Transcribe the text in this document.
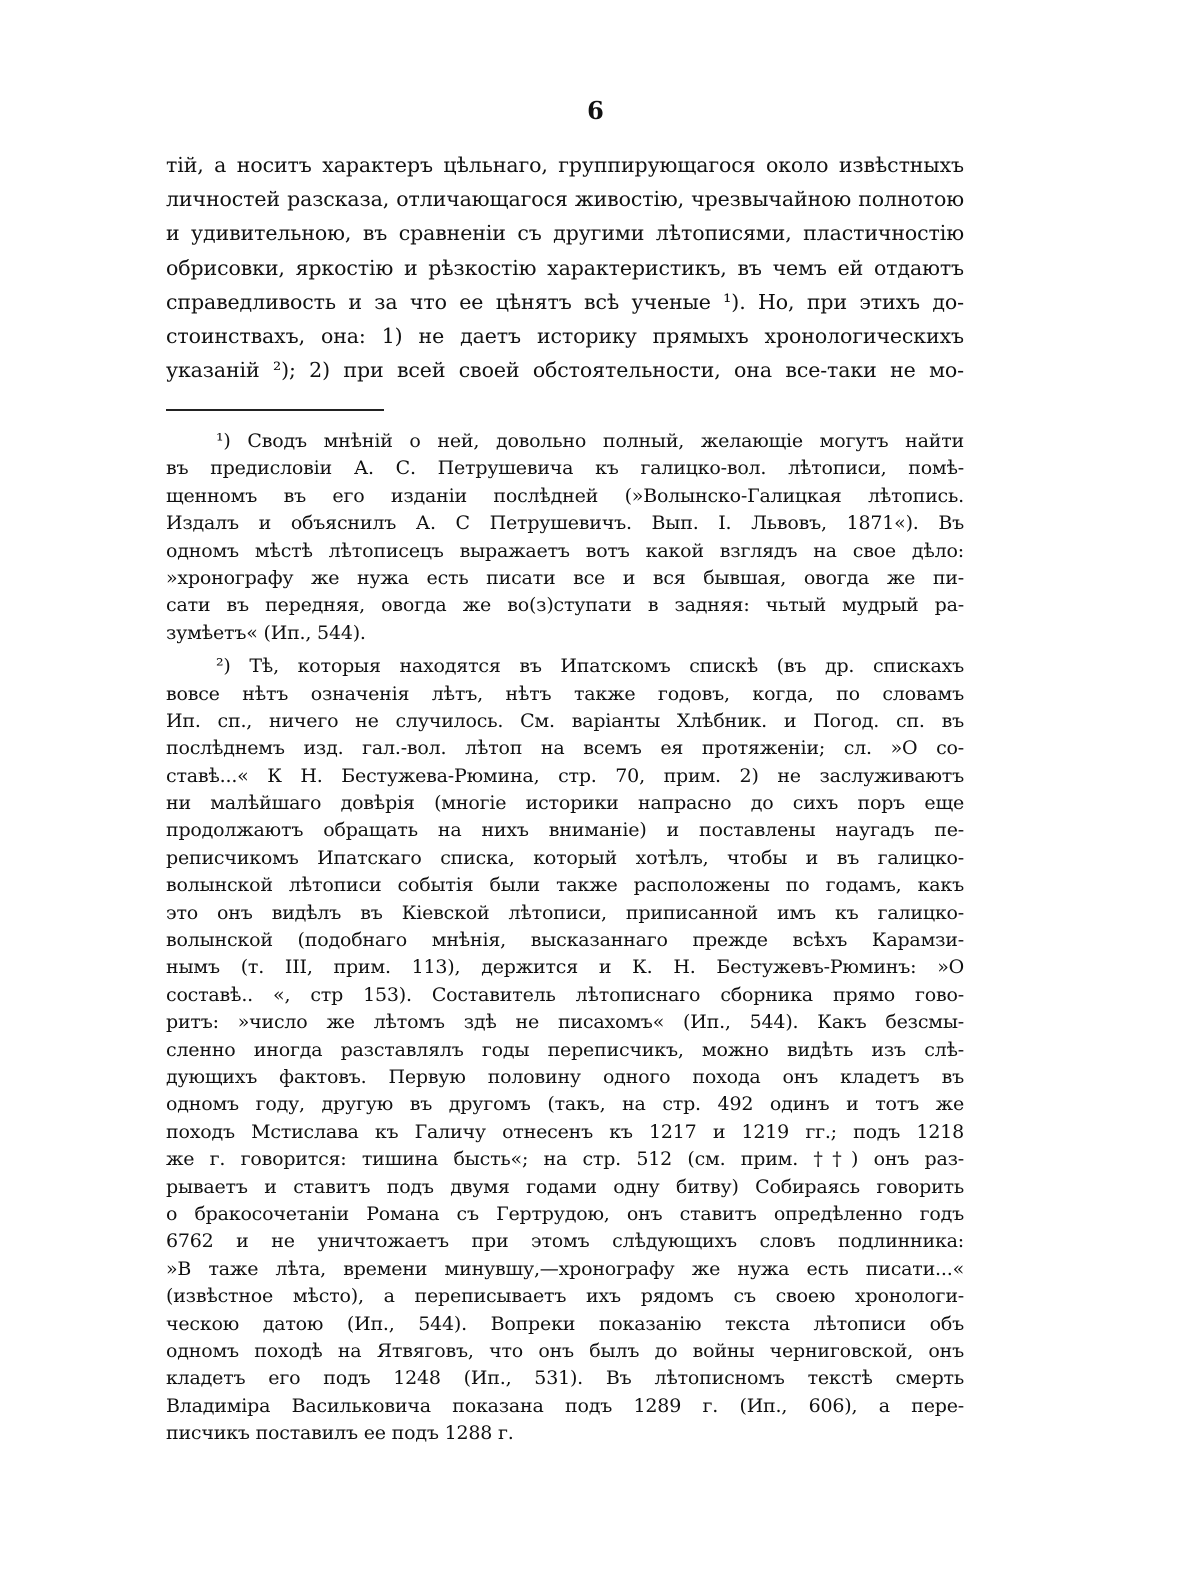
6
тій, а носитъ характеръ цѣльнаго, группирующагося около извѣстныхъ
личностей разсказа, отличающагося живостію, чрезвычайною полнотою
и удивительною, въ сравненіи съ другими лѣтописями, пластичностію
обрисовки, яркостію и рѣзкостію характеристикъ, въ чемъ ей отдаютъ
справедливость и за что ее цѣнятъ всѣ ученые ¹). Но, при этихъ до-
стоинствахъ, она: 1) не даетъ историку прямыхъ хронологическихъ
указаній ²); 2) при всей своей обстоятельности, она все-таки не мо-
¹) Сводъ мнѣній о ней, довольно полный, желающіе могутъ найти
въ предисловіи А. С. Петрушевича къ галицко-вол. лѣтописи, помѣ-
щенномъ въ его изданіи послѣдней (»Волынско-Галицкая лѣтопись.
Издалъ и объяснилъ А. С Петрушевичъ. Вып. I. Львовъ, 1871«). Въ
одномъ мѣстѣ лѣтописецъ выражаетъ вотъ какой взглядъ на свое дѣло:
»хронографу же нужа есть писати все и вся бывшая, овогда же пи-
сати въ передняя, овогда же во(з)ступати в задняя: чьтый мудрый ра-
зумѣетъ« (Ип., 544).
²) Тѣ, которыя находятся въ Ипатскомъ спискѣ (въ др. спискахъ
вовсе нѣтъ означенія лѣтъ, нѣтъ также годовъ, когда, по словамъ
Ип. сп., ничего не случилось. См. варіанты Хлѣбник. и Погод. сп. въ
послѣднемъ изд. гал.-вол. лѣтоп на всемъ ея протяженіи; сл. »О со-
ставѣ...« К Н. Бестужева-Рюмина, стр. 70, прим. 2) не заслуживаютъ
ни малѣйшаго довѣрія (многіе историки напрасно до сихъ поръ еще
продолжаютъ обращать на нихъ вниманіе) и поставлены наугадъ пе-
реписчикомъ Ипатскаго списка, который хотѣлъ, чтобы и въ галицко-
волынской лѣтописи событія были также расположены по годамъ, какъ
это онъ видѣлъ въ Кіевской лѣтописи, приписанной имъ къ галицко-
волынской (подобнаго мнѣнія, высказаннаго прежде всѣхъ Карамзи-
нымъ (т. III, прим. 113), держится и К. Н. Бестужевъ-Рюминъ: »О
составѣ.. «, стр 153). Составитель лѣтописнаго сборника прямо гово-
ритъ: »число же лѣтомъ здѣ не писахомъ« (Ип., 544). Какъ безсмы-
сленно иногда разставлялъ годы переписчикъ, можно видѣть изъ слѣ-
дующихъ фактовъ. Первую половину одного похода онъ кладетъ въ
одномъ году, другую въ другомъ (такъ, на стр. 492 одинъ и тотъ же
походъ Мстислава къ Галичу отнесенъ къ 1217 и 1219 гг.; подъ 1218
же г. говорится: тишина бысть«; на стр. 512 (см. прим. ††) онъ раз-
рываетъ и ставитъ подъ двумя годами одну битву) Собираясь говорить
о бракосочетаніи Романа съ Гертрудою, онъ ставитъ опредѣленно годъ
6762 и не уничтожаетъ при этомъ слѣдующихъ словъ подлинника:
»В таже лѣта, времени минувшу,—хронографу же нужа есть писати...«
(извѣстное мѣсто), а переписываетъ ихъ рядомъ съ своею хронологи-
ческою датою (Ип., 544). Вопреки показанію текста лѣтописи объ
одномъ походѣ на Ятвяговъ, что онъ былъ до войны черниговской, онъ
кладетъ его подъ 1248 (Ип., 531). Въ лѣтописномъ текстѣ смерть
Владиміра Васильковича показана подъ 1289 г. (Ип., 606), а пере-
писчикъ поставилъ ее подъ 1288 г.
